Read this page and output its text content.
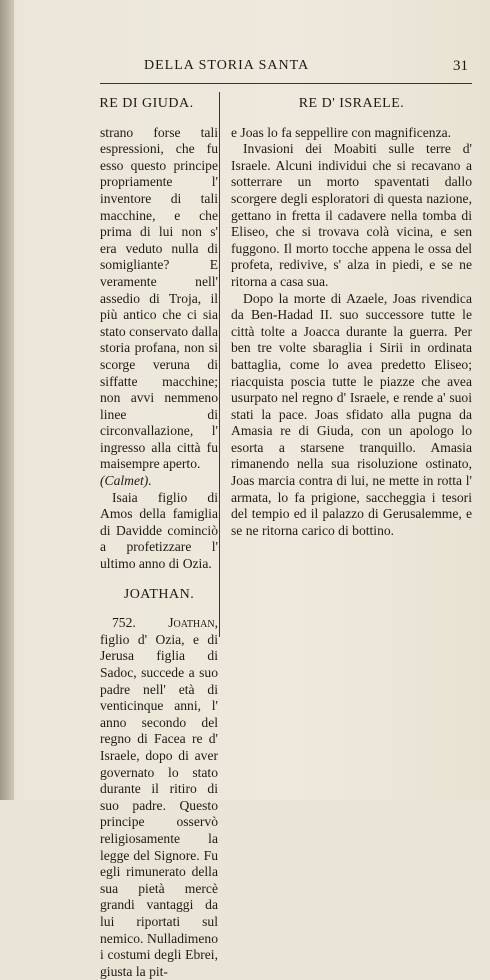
DELLA STORIA SANTA	31
RE DI GIUDA.

strano forse tali espressioni, che fu esso questo principe propriamente l' inventore di tali macchine, e che prima di lui non s' era veduto nulla di somigliante? E veramente nell' assedio di Troja, il più antico che ci sia stato conservato dalla storia profana, non si scorge veruna di siffatte macchine; non avvi nemmeno linee di circonvallazione, l' ingresso alla città fu maisempre aperto.
(Calmet).

Isaia figlio di Amos della famiglia di Davidde cominciò a profetizzare l' ultimo anno di Ozia.

JOATHAN.

752. Joathan, figlio d' Ozia, e di Jerusa figlia di Sadoc, succede a suo padre nell' età di venticinque anni, l' anno secondo del regno di Facea re d' Israele, dopo di aver governato lo stato durante il ritiro di suo padre. Questo principe osservò religiosamente la legge del Signore. Fu egli rimunerato della sua pietà mercè grandi vantaggi da lui riportati sul nemico. Nulladimeno i costumi degli Ebrei, giusta la pit-

RE D' ISRAELE.

e Joas lo fa seppellire con magnificenza.

Invasioni dei Moabiti sulle terre d' Israele. Alcuni individui che si recavano a sotterrare un morto spaventati dallo scorgere degli esploratori di questa nazione, gettano in fretta il cadavere nella tomba di Eliseo, che si trovava colà vicina, e sen fuggono. Il morto tocche appena le ossa del profeta, redivive, s' alza in piedi, e se ne ritorna a casa sua.

Dopo la morte di Azaele, Joas rivendica da Ben-Hadad II. suo successore tutte le città tolte a Joacca durante la guerra. Per ben tre volte sbaraglia i Sirii in ordinata battaglia, come lo avea predetto Eliseo; riacquista poscia tutte le piazze che avea usurpato nel regno d' Israele, e rende a' suoi stati la pace. Joas sfidato alla pugna da Amasia re di Giuda, con un apologo lo esorta a starsene tranquillo. Amasia rimanendo nella sua risoluzione ostinato, Joas marcia contra di lui, ne mette in rotta l' armata, lo fa prigione, saccheggia i tesori del tempio ed il palazzo di Gerusalemme, e se ne ritorna carico di bottino.
